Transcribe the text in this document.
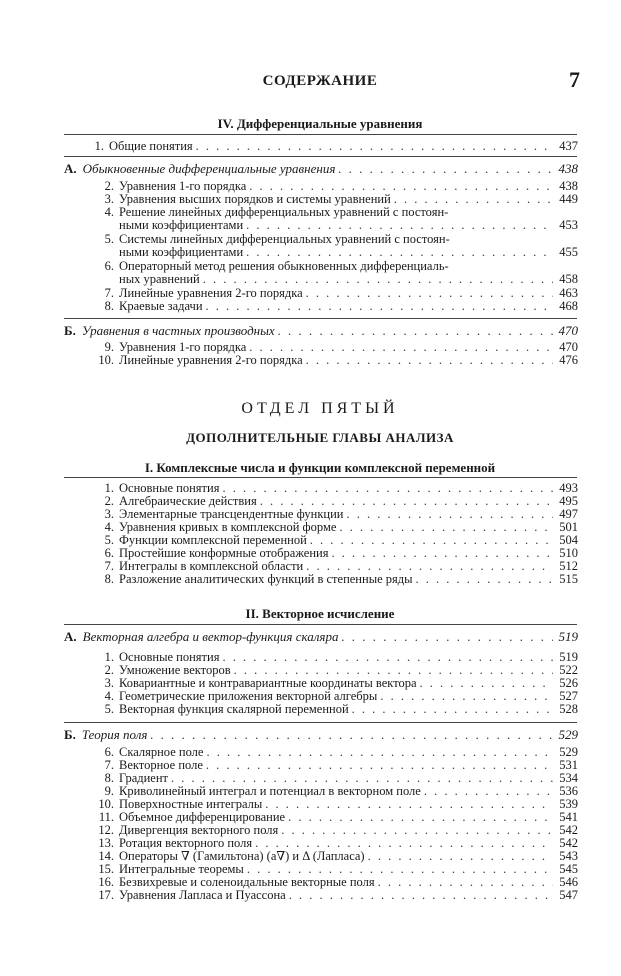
СОДЕРЖАНИЕ	7
IV. Дифференциальные уравнения
1. Общие понятия . . .	437
А. Обыкновенные дифференциальные уравнения . . .	438
2. Уравнения 1-го порядка . . .	438
3. Уравнения высших порядков и системы уравнений . . .	449
4. Решение линейных дифференциальных уравнений с постоян-
ными коэффициентами . . .	453
5. Системы линейных дифференциальных уравнений с постоян-
ными коэффициентами . . .	455
6. Операторный метод решения обыкновенных дифференциаль-
ных уравнений . . .	458
7. Линейные уравнения 2-го порядка . . .	463
8. Краевые задачи . . .	468
Б. Уравнения в частных производных . . .	470
9. Уравнения 1-го порядка . . .	470
10. Линейные уравнения 2-го порядка . . .	476
ОТДЕЛ ПЯТЫЙ
ДОПОЛНИТЕЛЬНЫЕ ГЛАВЫ АНАЛИЗА
I. Комплексные числа и функции комплексной переменной
1. Основные понятия . . .	493
2. Алгебраические действия . . .	495
3. Элементарные трансцендентные функции . . .	497
4. Уравнения кривых в комплексной форме . . .	501
5. Функции комплексной переменной . . .	504
6. Простейшие конформные отображения . . .	510
7. Интегралы в комплексной области . . .	512
8. Разложение аналитических функций в степенные ряды . . .	515
II. Векторное исчисление
А. Векторная алгебра и вектор-функция скаляра . . .	519
1. Основные понятия . . .	519
2. Умножение векторов . . .	522
3. Ковариантные и контравариантные координаты вектора . . .	526
4. Геометрические приложения векторной алгебры . . .	527
5. Векторная функция скалярной переменной . . .	528
Б. Теория поля . . .	529
6. Скалярное поле . . .	529
7. Векторное поле . . .	531
8. Градиент . . .	534
9. Криволинейный интеграл и потенциал в векторном поле . . .	536
10. Поверхностные интегралы . . .	539
11. Объемное дифференцирование . . .	541
12. Дивергенция векторного поля . . .	542
13. Ротация векторного поля . . .	542
14. Операторы ∇ (Гамильтона) (a∇) и Δ (Лапласа) . . .	543
15. Интегральные теоремы . . .	545
16. Безвихревые и соленоидальные векторные поля . . .	546
17. Уравнения Лапласа и Пуассона . . .	547
